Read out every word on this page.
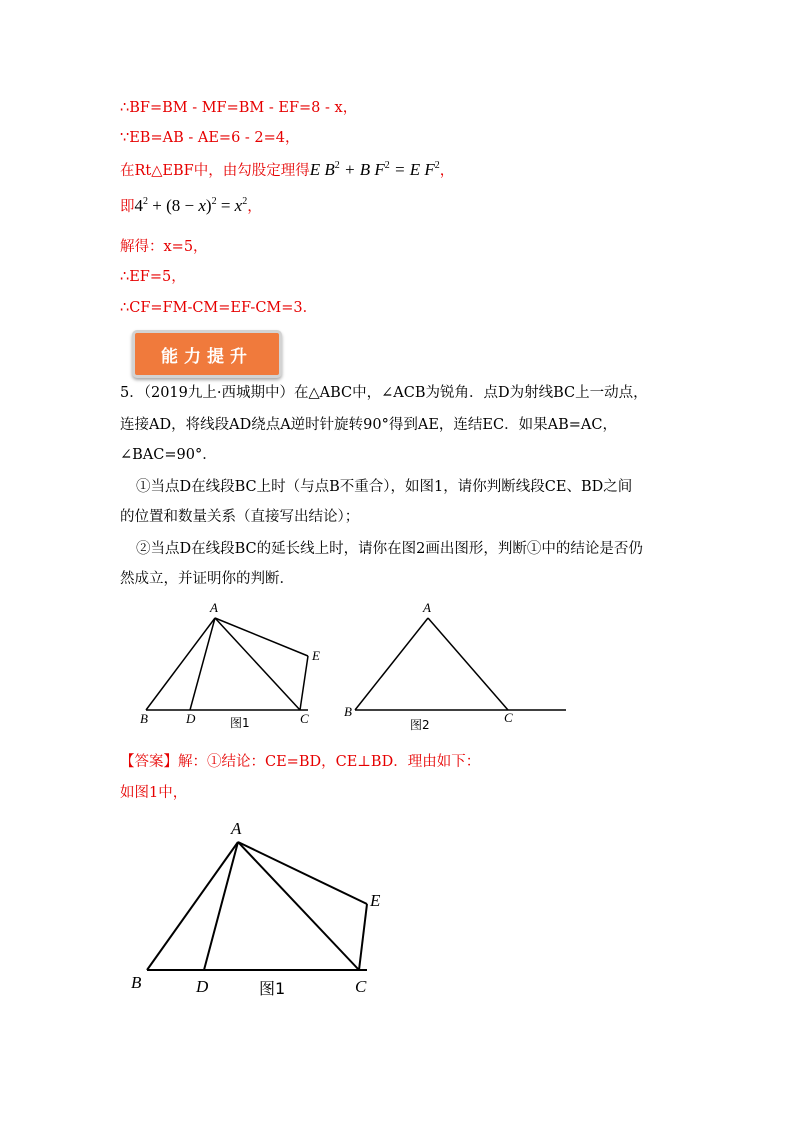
∴BF=BM - MF=BM - EF=8 - x，
∵EB=AB - AE=6 - 2=4，
在Rt△EBF中，由勾股定理得E $B^2 + B$ $F^2 = E$ $F^2$，
即$4^2 + (8 - x)^2 = x^2$，
解得：x=5，
∴EF=5，
∴CF=FM-CM=EF-CM=3．
能力提升
5．（2019九上·西城期中）在△ABC中，∠ACB为锐角．点D为射线BC上一动点，
连接AD，将线段AD绕点A逆时针旋转90°得到AE，连结EC．如果AB=AC，
∠BAC=90°．
①当点D在线段BC上时（与点B不重合），如图1，请你判断线段CE、BD之间
的位置和数量关系（直接写出结论）；
②当点D在线段BC的延长线上时，请你在图2画出图形，判断①中的结论是否仍
然成立，并证明你的判断．
A
B	D	C
E
图1
A
B	C
图2
【答案】解：①结论：CE=BD，CE⊥BD．理由如下：
如图1中，
A
B	D	C
E
图1
